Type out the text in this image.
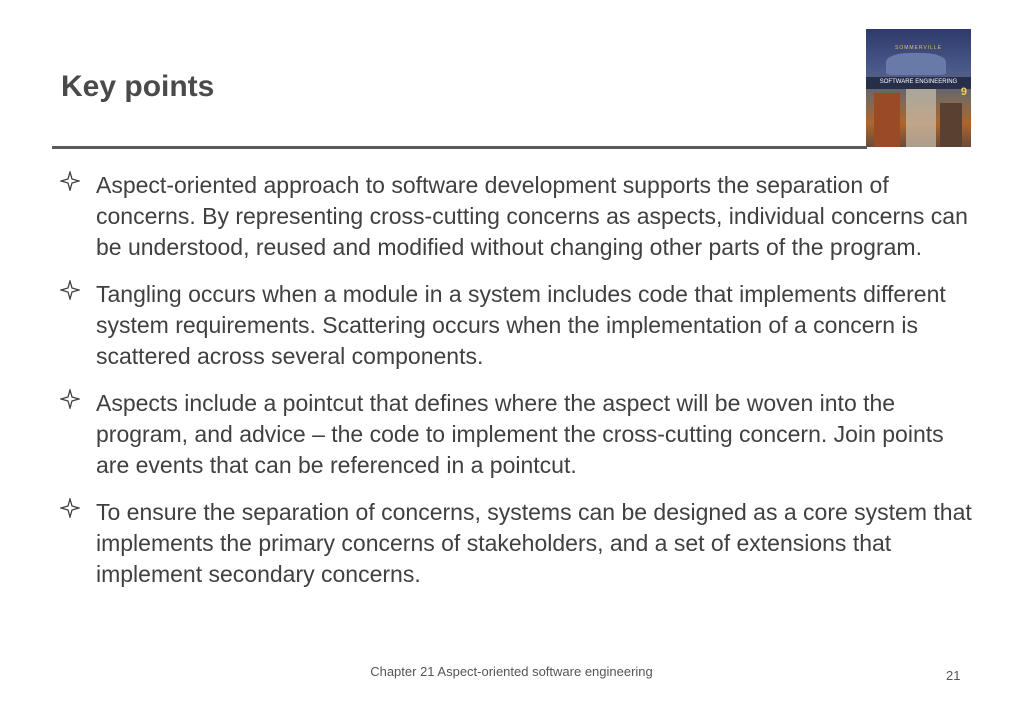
Key points
SOMMERVILLE
SOFTWARE ENGINEERING
9
Aspect-oriented approach to software development supports the separation of concerns. By representing cross-cutting concerns as aspects, individual concerns can be understood, reused and modified without changing other parts of the program.
Tangling occurs when a module in a system includes code that implements different system requirements. Scattering occurs when the implementation of a concern is scattered across several components.
Aspects include a pointcut that defines where the aspect will be woven into the program, and advice – the code to implement the cross-cutting concern. Join points are events that can be referenced in a pointcut.
To ensure the separation of concerns, systems can be designed as a core system that implements the primary concerns of stakeholders, and a set of extensions that implement secondary concerns.
Chapter 21 Aspect-oriented software engineering	21
